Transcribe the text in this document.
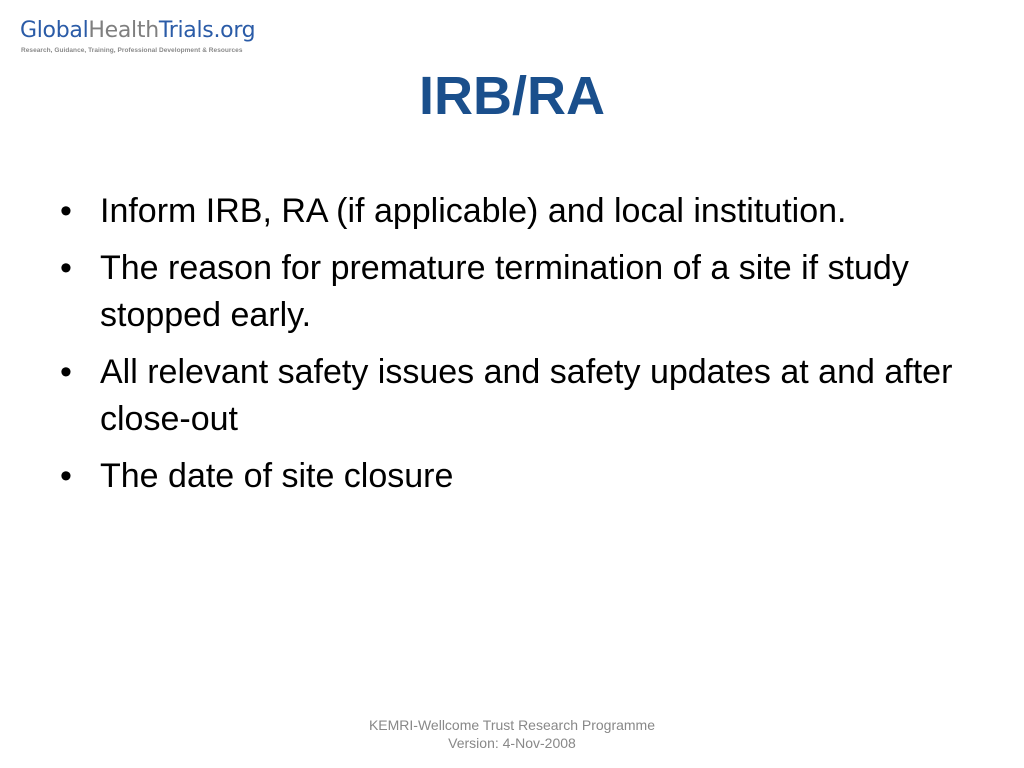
GlobalHealthTrials.org
Research, Guidance, Training, Professional Development & Resources
IRB/RA
• Inform IRB, RA (if applicable) and local institution.
• The reason for premature termination of a site if study stopped early.
• All relevant safety issues and safety updates at and after close-out
• The date of site closure
KEMRI-Wellcome Trust Research Programme
Version: 4-Nov-2008
